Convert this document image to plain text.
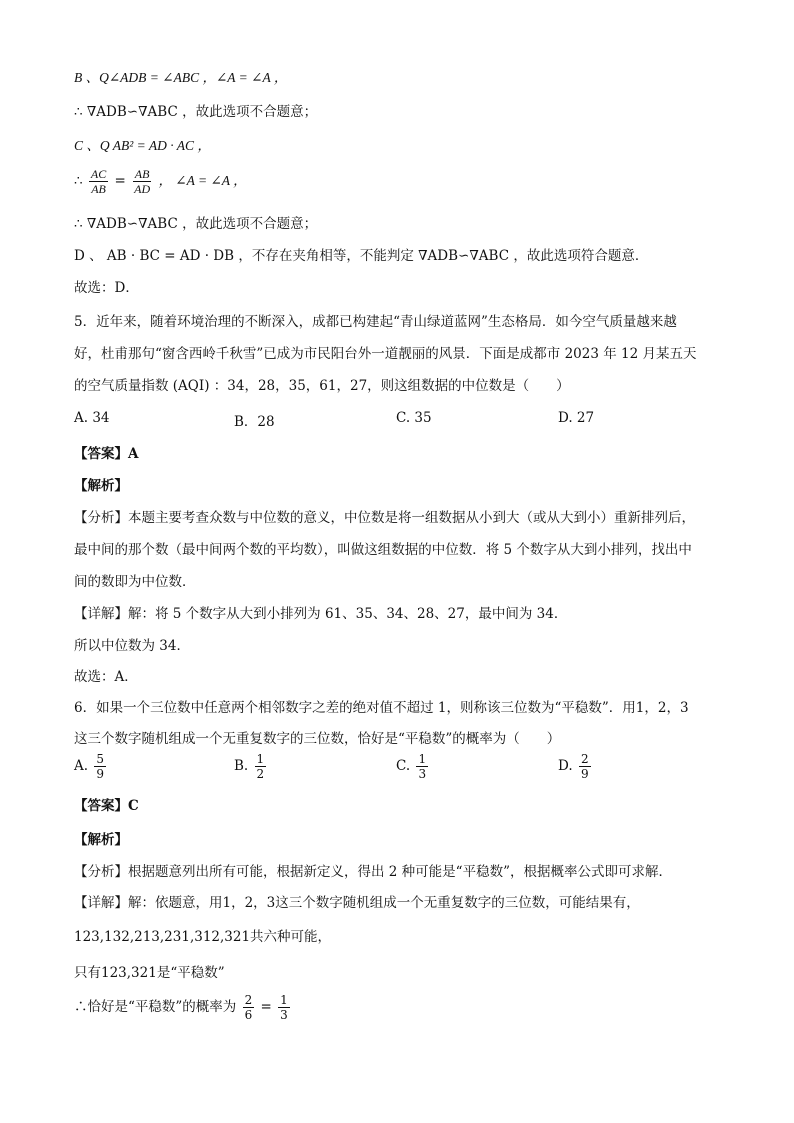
B 、Q∠ADB = ∠ABC ，∠A = ∠A ，
∴ ∇ADB∽∇ABC ，故此选项不合题意；
C 、Q AB² = AD · AC ，
∴ $\frac{AC}{AB} = \frac{AB}{AD}$ ， ∠A = ∠A ，
∴ ∇ADB∽∇ABC ，故此选项不合题意；
D 、 AB · BC = AD · DB ，不存在夹角相等，不能判定 ∇ADB∽∇ABC ，故此选项符合题意．
故选：D．
5．近年来，随着环境治理的不断深入，成都已构建起“青山绿道蓝网”生态格局．如今空气质量越来越
好，杜甫那句“窗含西岭千秋雪”已成为市民阳台外一道靓丽的风景．下面是成都市 2023 年 12 月某五天
的空气质量指数 (AQI) ：34，28，35，61，27，则这组数据的中位数是（　　）
A. 34	B．28	C. 35	D. 27
【答案】A
【解析】
【分析】本题主要考查众数与中位数的意义，中位数是将一组数据从小到大（或从大到小）重新排列后，
最中间的那个数（最中间两个数的平均数），叫做这组数据的中位数．将 5 个数字从大到小排列，找出中
间的数即为中位数．
【详解】解：将 5 个数字从大到小排列为 61、35、34、28、27，最中间为 34．
所以中位数为 34．
故选：A．
6．如果一个三位数中任意两个相邻数字之差的绝对值不超过 1，则称该三位数为“平稳数”．用1，2，3
这三个数字随机组成一个无重复数字的三位数，恰好是“平稳数”的概率为（　　）
A. $\frac{5}{9}$	B. $\frac{1}{2}$	C. $\frac{1}{3}$	D. $\frac{2}{9}$
【答案】C
【解析】
【分析】根据题意列出所有可能，根据新定义，得出 2 种可能是“平稳数”，根据概率公式即可求解．
【详解】解：依题意，用1，2，3这三个数字随机组成一个无重复数字的三位数，可能结果有，
123,132,213,231,312,321共六种可能，
只有123,321是“平稳数”
∴恰好是“平稳数”的概率为 $\frac{2}{6} = \frac{1}{3}$
